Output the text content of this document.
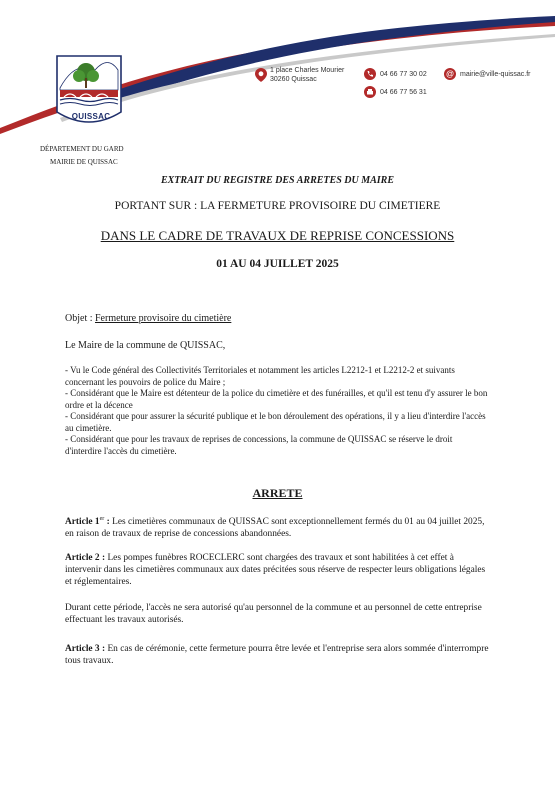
QUISSAC
1 place Charles Mourier
30260 Quissac
04 66 77 30 02
04 66 77 56 31
@ mairie@ville-quissac.fr
DÉPARTEMENT DU GARD
MAIRIE DE QUISSAC
EXTRAIT DU REGISTRE DES ARRETES DU MAIRE
PORTANT SUR : LA FERMETURE PROVISOIRE DU CIMETIERE
DANS LE CADRE DE TRAVAUX DE REPRISE CONCESSIONS
01 AU 04 JUILLET 2025
Objet : Fermeture provisoire du cimetière
Le Maire de la commune de QUISSAC,
- Vu le Code général des Collectivités Territoriales et notamment les articles L2212-1 et L2212-2 et suivants concernant les pouvoirs de police du Maire ;
- Considérant que le Maire est détenteur de la police du cimetière et des funérailles, et qu'il est tenu d'y assurer le bon ordre et la décence
- Considérant que pour assurer la sécurité publique et le bon déroulement des opérations, il y a lieu d'interdire l'accès au cimetière.
- Considérant que pour les travaux de reprises de concessions, la commune de QUISSAC se réserve le droit d'interdire l'accès du cimetière.
ARRETE
Article 1er : Les cimetières communaux de QUISSAC sont exceptionnellement fermés du 01 au 04 juillet 2025, en raison de travaux de reprise de concessions abandonnées.
Article 2 : Les pompes funèbres ROCECLERC sont chargées des travaux et sont habilitées à cet effet à intervenir dans les cimetières communaux aux dates précitées sous réserve de respecter leurs obligations légales et réglementaires.
Durant cette période, l'accès ne sera autorisé qu'au personnel de la commune et au personnel de cette entreprise effectuant les travaux autorisés.
Article 3 : En cas de cérémonie, cette fermeture pourra être levée et l'entreprise sera alors sommée d'interrompre tous travaux.
